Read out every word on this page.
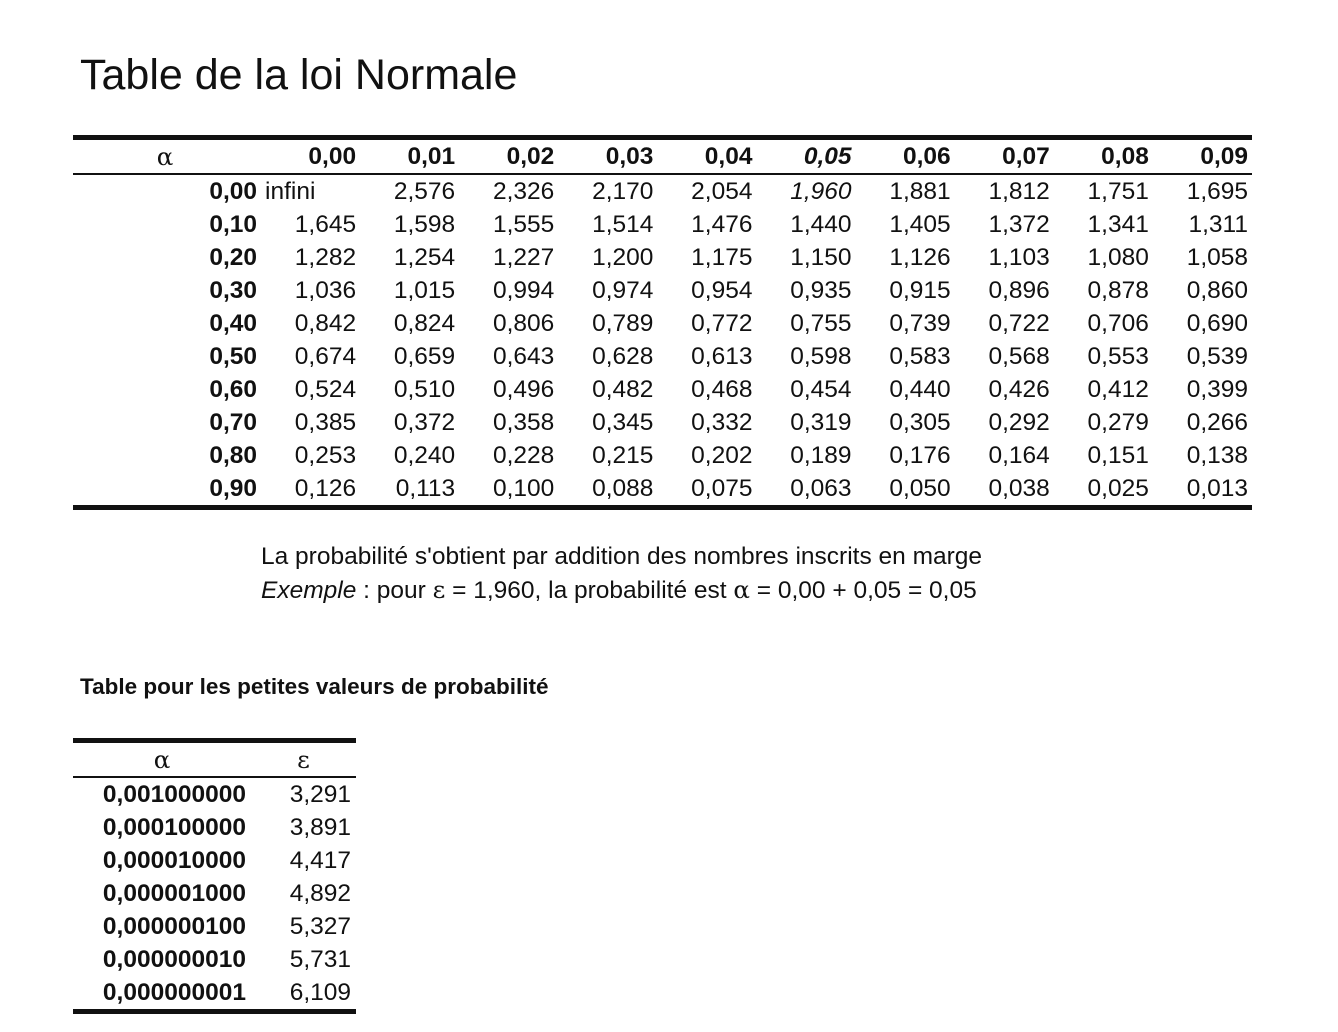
Table de la loi Normale
α	0,00	0,01	0,02	0,03	0,04	0,05	0,06	0,07	0,08	0,09
0,00	infini	2,576	2,326	2,170	2,054	1,960	1,881	1,812	1,751	1,695
0,10	1,645	1,598	1,555	1,514	1,476	1,440	1,405	1,372	1,341	1,311
0,20	1,282	1,254	1,227	1,200	1,175	1,150	1,126	1,103	1,080	1,058
0,30	1,036	1,015	0,994	0,974	0,954	0,935	0,915	0,896	0,878	0,860
0,40	0,842	0,824	0,806	0,789	0,772	0,755	0,739	0,722	0,706	0,690
0,50	0,674	0,659	0,643	0,628	0,613	0,598	0,583	0,568	0,553	0,539
0,60	0,524	0,510	0,496	0,482	0,468	0,454	0,440	0,426	0,412	0,399
0,70	0,385	0,372	0,358	0,345	0,332	0,319	0,305	0,292	0,279	0,266
0,80	0,253	0,240	0,228	0,215	0,202	0,189	0,176	0,164	0,151	0,138
0,90	0,126	0,113	0,100	0,088	0,075	0,063	0,050	0,038	0,025	0,013
La probabilité s'obtient par addition des nombres inscrits en marge
Exemple : pour ε = 1,960, la probabilité est α = 0,00 + 0,05 = 0,05
Table pour les petites valeurs de probabilité
α	ε
0,001000000	3,291
0,000100000	3,891
0,000010000	4,417
0,000001000	4,892
0,000000100	5,327
0,000000010	5,731
0,000000001	6,109
